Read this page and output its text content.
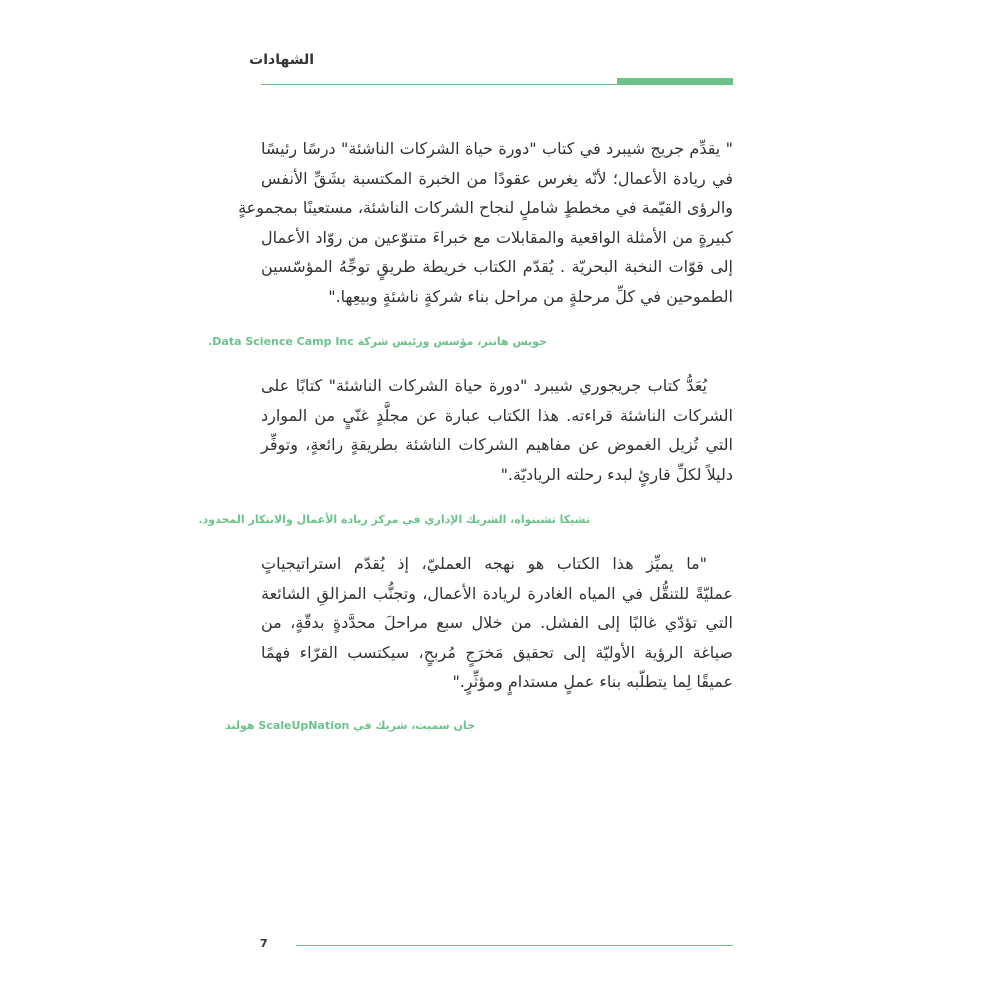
الشهادات
" يقدِّم جريج شيبرد في كتاب "دورة حياة الشركات الناشئة" درسًا رئيسًا
في ريادة الأعمال؛ لأنّه يغرس عقودًا من الخبرة المكتسبة بشَقِّ الأنفس
والرؤى القيّمة في مخططٍ شاملٍ لنجاح الشركات الناشئة، مستعينًا بمجموعةٍ
كبيرةٍ من الأمثلة الواقعية والمقابلات مع خبراءَ متنوّعين من روّاد الأعمال
إلى قوّات النخبة البحريّة . يُقدّم الكتاب خريطة طريقٍ توجِّهُ المؤسّسين
الطموحين في كلِّ مرحلةٍ من مراحل بناء شركةٍ ناشئةٍ وبيعِها."
جويس هانتر، مؤسس ورئيس شركة Data Science Camp Inc.
يُعَدُّ كتاب جريجوري شيبرد "دورة حياة الشركات الناشئة" كتابًا على
الشركات الناشئة قراءته. هذا الكتاب عبارة عن مجلَّدٍ غنّيٍ من الموارد
التي تُزيل الغموض عن مفاهيم الشركات الناشئة بطريقةٍ رائعةٍ، وتوفِّر
دليلاً لكلِّ قارئٍ لبدء رحلته الرياديّة."
تشيكا تشينواه، الشريك الإداري في مركز ريادة الأعمال والابتكار المحدود.
"ما يميِّز هذا الكتاب هو نهجه العمليّ، إذ يُقدّم استراتيجياتٍ
عمليّةً للتنقُّل في المياه الغادرة لريادة الأعمال، وتجنُّب المزالقِ الشائعة
التي تؤدّي غالبًا إلى الفشل. من خلال سبع مراحلَ محدَّدةٍ بدقّةٍ، من
صياغة الرؤية الأوليّة إلى تحقيق مَخرَجٍ مُربحٍ، سيكتسب القرّاء فهمًا
عميقًا لِما يتطلّبه بناء عملٍ مستدامٍ ومؤثِّرٍ."
جان سميت، شريك في ScaleUpNation هولند
7
